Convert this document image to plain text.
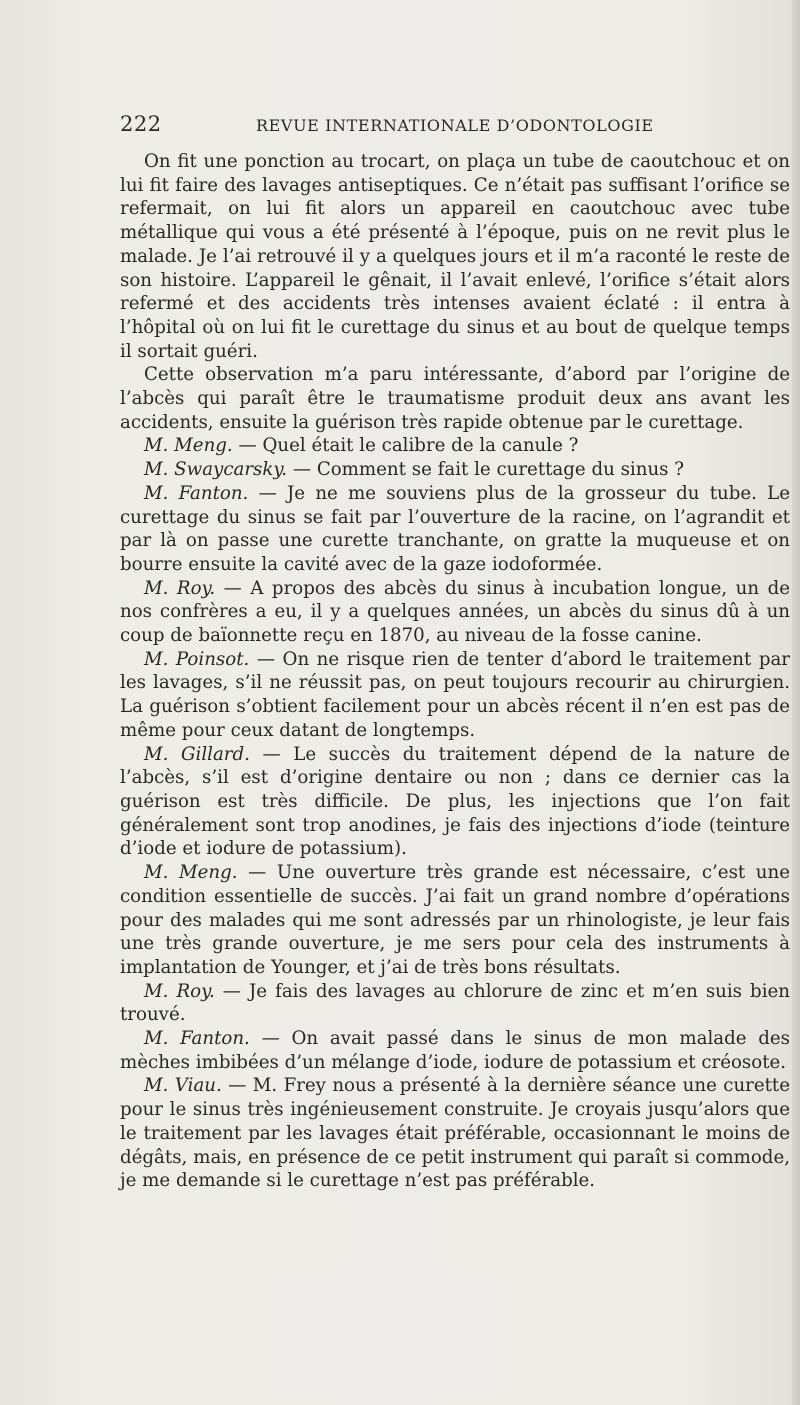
222	REVUE INTERNATIONALE D’ODONTOLOGIE

On fit une ponction au trocart, on plaça un tube de caoutchouc et on lui fit faire des lavages antiseptiques. Ce n’était pas suffisant l’orifice se refermait, on lui fit alors un appareil en caoutchouc avec tube métallique qui vous a été présenté à l’époque, puis on ne revit plus le malade. Je l’ai retrouvé il y a quelques jours et il m’a raconté le reste de son histoire. L’appareil le gênait, il l’avait enlevé, l’orifice s’était alors refermé et des accidents très intenses avaient éclaté : il entra à l’hôpital où on lui fit le curettage du sinus et au bout de quelque temps il sortait guéri.

Cette observation m’a paru intéressante, d’abord par l’origine de l’abcès qui paraît être le traumatisme produit deux ans avant les accidents, ensuite la guérison très rapide obtenue par le curettage.

M. Meng. — Quel était le calibre de la canule ?

M. Swaycarsky. — Comment se fait le curettage du sinus ?

M. Fanton. — Je ne me souviens plus de la grosseur du tube. Le curettage du sinus se fait par l’ouverture de la racine, on l’agrandit et par là on passe une curette tranchante, on gratte la muqueuse et on bourre ensuite la cavité avec de la gaze iodoformée.

M. Roy. — A propos des abcès du sinus à incubation longue, un de nos confrères a eu, il y a quelques années, un abcès du sinus dû à un coup de baïonnette reçu en 1870, au niveau de la fosse canine.

M. Poinsot. — On ne risque rien de tenter d’abord le traitement par les lavages, s’il ne réussit pas, on peut toujours recourir au chirurgien. La guérison s’obtient facilement pour un abcès récent il n’en est pas de même pour ceux datant de longtemps.

M. Gillard. — Le succès du traitement dépend de la nature de l’abcès, s’il est d’origine dentaire ou non ; dans ce dernier cas la guérison est très difficile. De plus, les injections que l’on fait généralement sont trop anodines, je fais des injections d’iode (teinture d’iode et iodure de potassium).

M. Meng. — Une ouverture très grande est nécessaire, c’est une condition essentielle de succès. J’ai fait un grand nombre d’opérations pour des malades qui me sont adressés par un rhinologiste, je leur fais une très grande ouverture, je me sers pour cela des instruments à implantation de Younger, et j’ai de très bons résultats.

M. Roy. — Je fais des lavages au chlorure de zinc et m’en suis bien trouvé.

M. Fanton. — On avait passé dans le sinus de mon malade des mèches imbibées d’un mélange d’iode, iodure de potassium et créosote.

M. Viau. — M. Frey nous a présenté à la dernière séance une curette pour le sinus très ingénieusement construite. Je croyais jusqu’alors que le traitement par les lavages était préférable, occasionnant le moins de dégâts, mais, en présence de ce petit instrument qui paraît si commode, je me demande si le curettage n’est pas préférable.
